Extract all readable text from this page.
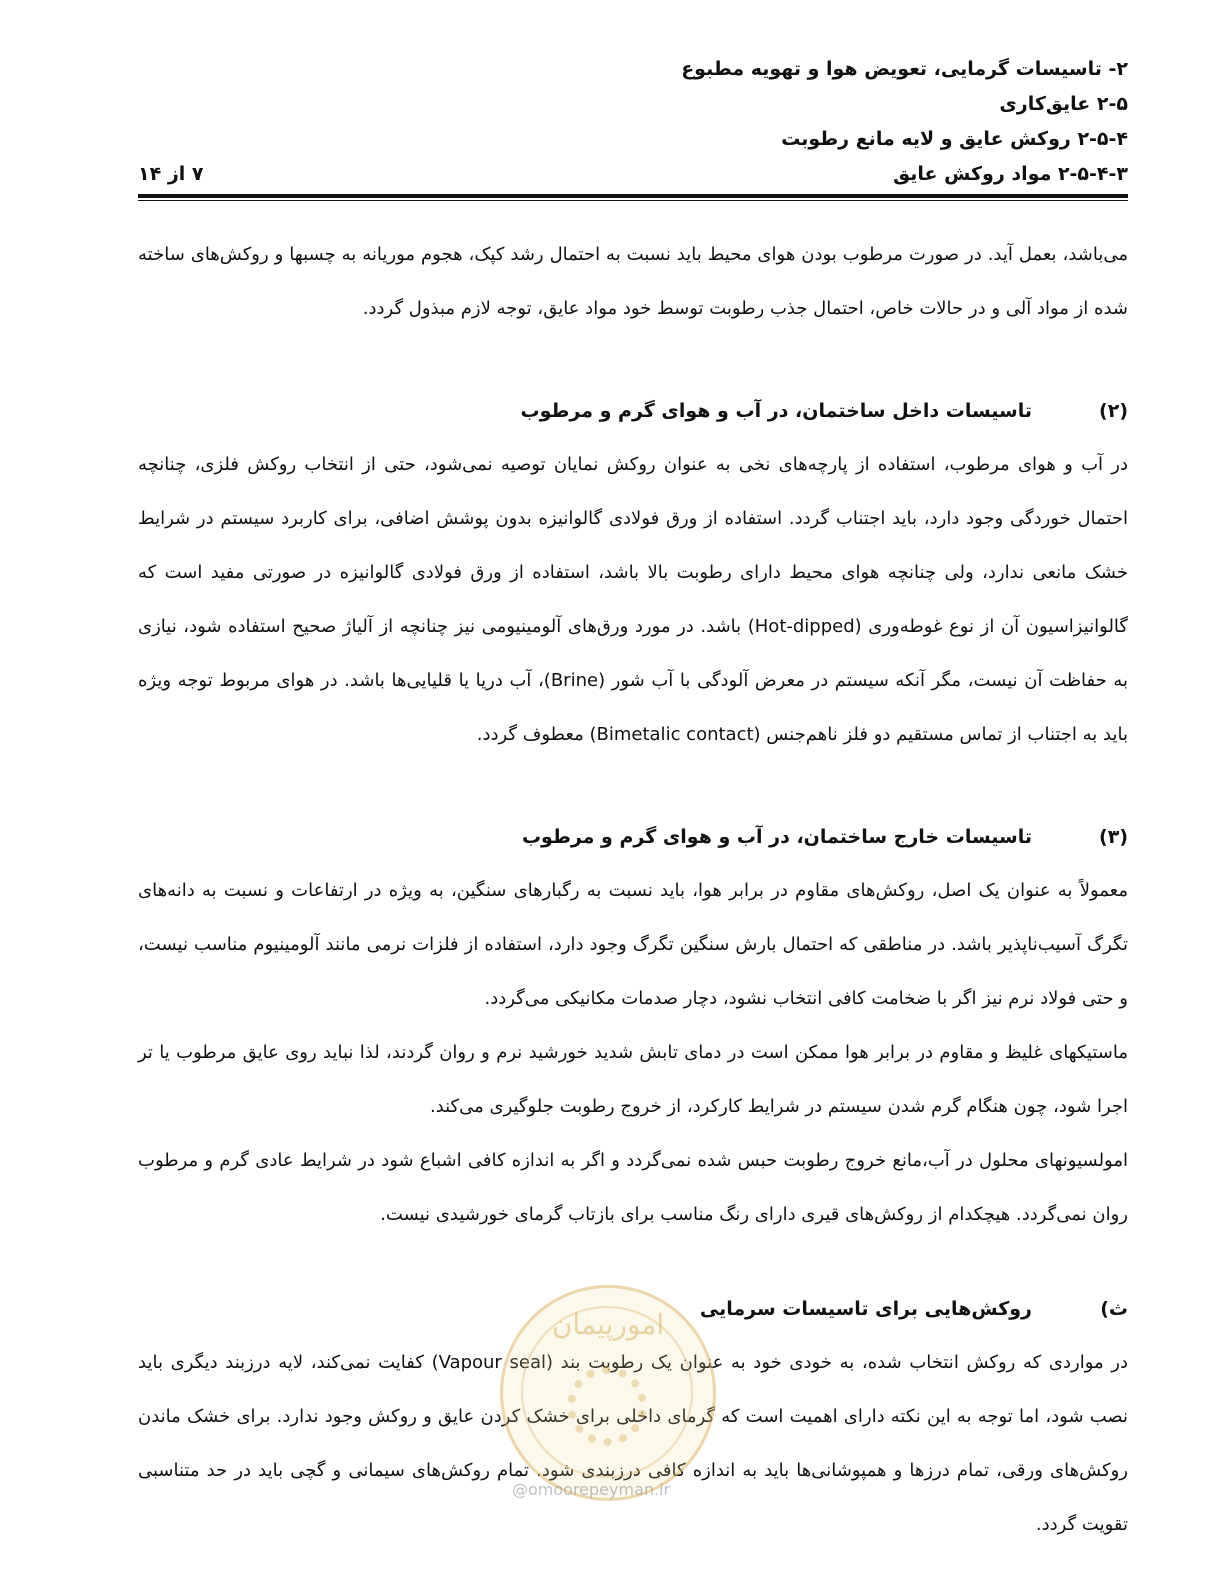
۲- تاسیسات گرمایی، تعویض هوا و تهویه مطبوع
۲-۵ عایق‌کاری
۲-۵-۴ روکش عایق و لایه مانع رطوبت
۲-۵-۴-۳ مواد روکش عایق
۷ از ۱۴

می‌باشد، بعمل آید. در صورت مرطوب بودن هوای محیط باید نسبت به احتمال رشد کپک، هجوم موریانه به چسبها و روکش‌های ساخته شده از مواد آلی و در حالات خاص، احتمال جذب رطوبت توسط خود مواد عایق، توجه لازم مبذول گردد.

(۲)
تاسیسات داخل ساختمان، در آب و هوای گرم و مرطوب

در آب و هوای مرطوب، استفاده از پارچه‌های نخی به عنوان روکش نمایان توصیه نمی‌شود، حتی از انتخاب روکش فلزی، چنانچه احتمال خوردگی وجود دارد، باید اجتناب گردد. استفاده از ورق فولادی گالوانیزه بدون پوشش اضافی، برای کاربرد سیستم در شرایط خشک مانعی ندارد، ولی چنانچه هوای محیط دارای رطوبت بالا باشد، استفاده از ورق فولادی گالوانیزه در صورتی مفید است که گالوانیزاسیون آن از نوع غوطه‌وری (Hot-dipped) باشد. در مورد ورق‌های آلومینیومی نیز چنانچه از آلیاژ صحیح استفاده شود، نیازی به حفاظت آن نیست، مگر آنکه سیستم در معرض آلودگی با آب شور (Brine)، آب دریا یا قلیایی‌ها باشد. در هوای مربوط توجه ویژه باید به اجتناب از تماس مستقیم دو فلز ناهم‌جنس (Bimetalic contact) معطوف گردد.

(۳)
تاسیسات خارج ساختمان، در آب و هوای گرم و مرطوب

معمولاً به عنوان یک اصل، روکش‌های مقاوم در برابر هوا، باید نسبت به رگبارهای سنگین، به ویژه در ارتفاعات و نسبت به دانه‌های تگرگ آسیب‌ناپذیر باشد. در مناطقی که احتمال بارش سنگین تگرگ وجود دارد، استفاده از فلزات نرمی مانند آلومینیوم مناسب نیست، و حتی فولاد نرم نیز اگر با ضخامت کافی انتخاب نشود، دچار صدمات مکانیکی می‌گردد.

ماستیکهای غلیظ و مقاوم در برابر هوا ممکن است در دمای تابش شدید خورشید نرم و روان گردند، لذا نباید روی عایق مرطوب یا تر اجرا شود، چون هنگام گرم شدن سیستم در شرایط کارکرد، از خروج رطوبت جلوگیری می‌کند.

امولسیونهای محلول در آب،مانع خروج رطوبت حبس شده نمی‌گردد و اگر به اندازه کافی اشباع شود در شرایط عادی گرم و مرطوب روان نمی‌گردد. هیچکدام از روکش‌های قیری دارای رنگ مناسب برای بازتاب گرمای خورشیدی نیست.

ث)
روکش‌هایی برای تاسیسات سرمایی

در مواردی که روکش انتخاب شده، به خودی خود به عنوان یک رطوبت بند (Vapour seal) کفایت نمی‌کند، لایه درزبند دیگری باید نصب شود، اما توجه به این نکته دارای اهمیت است که گرمای داخلی برای خشک کردن عایق و روکش وجود ندارد. برای خشک ماندن روکش‌های ورقی، تمام درزها و همپوشانی‌ها باید به اندازه کافی درزبندی شود. تمام روکش‌های سیمانی و گچی باید در حد متناسبی تقویت گردد.

امورپیمان
@omoorepeyman.ir
